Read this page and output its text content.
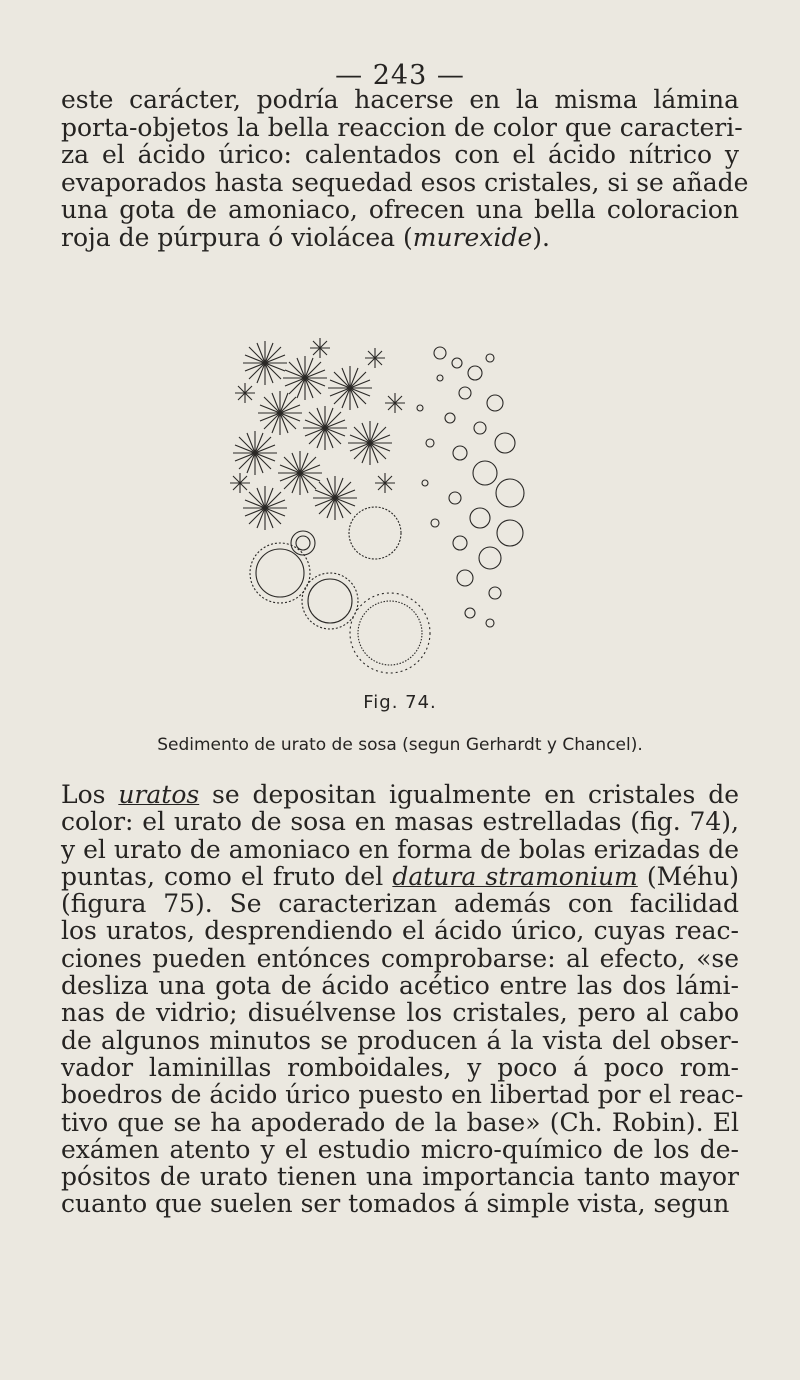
— 243 —

este carácter, podría hacerse en la misma lámina
porta-objetos la bella reaccion de color que caracteri-
za el ácido úrico: calentados con el ácido nítrico y
evaporados hasta sequedad esos cristales, si se añade
una gota de amoniaco, ofrecen una bella coloracion
roja de púrpura ó violácea (murexide).

Fig. 74.
Sedimento de urato de sosa (segun Gerhardt y Chancel).

Los uratos se depositan igualmente en cristales de
color: el urato de sosa en masas estrelladas (fig. 74),
y el urato de amoniaco en forma de bolas erizadas de
puntas, como el fruto del datura stramonium (Méhu)
(figura 75). Se caracterizan además con facilidad
los uratos, desprendiendo el ácido úrico, cuyas reac-
ciones pueden entónces comprobarse: al efecto, «se
desliza una gota de ácido acético entre las dos lámi-
nas de vidrio; disuélvense los cristales, pero al cabo
de algunos minutos se producen á la vista del obser-
vador laminillas romboidales, y poco á poco rom-
boedros de ácido úrico puesto en libertad por el reac-
tivo que se ha apoderado de la base» (Ch. Robin). El
exámen atento y el estudio micro-químico de los de-
pósitos de urato tienen una importancia tanto mayor
cuanto que suelen ser tomados á simple vista, segun
